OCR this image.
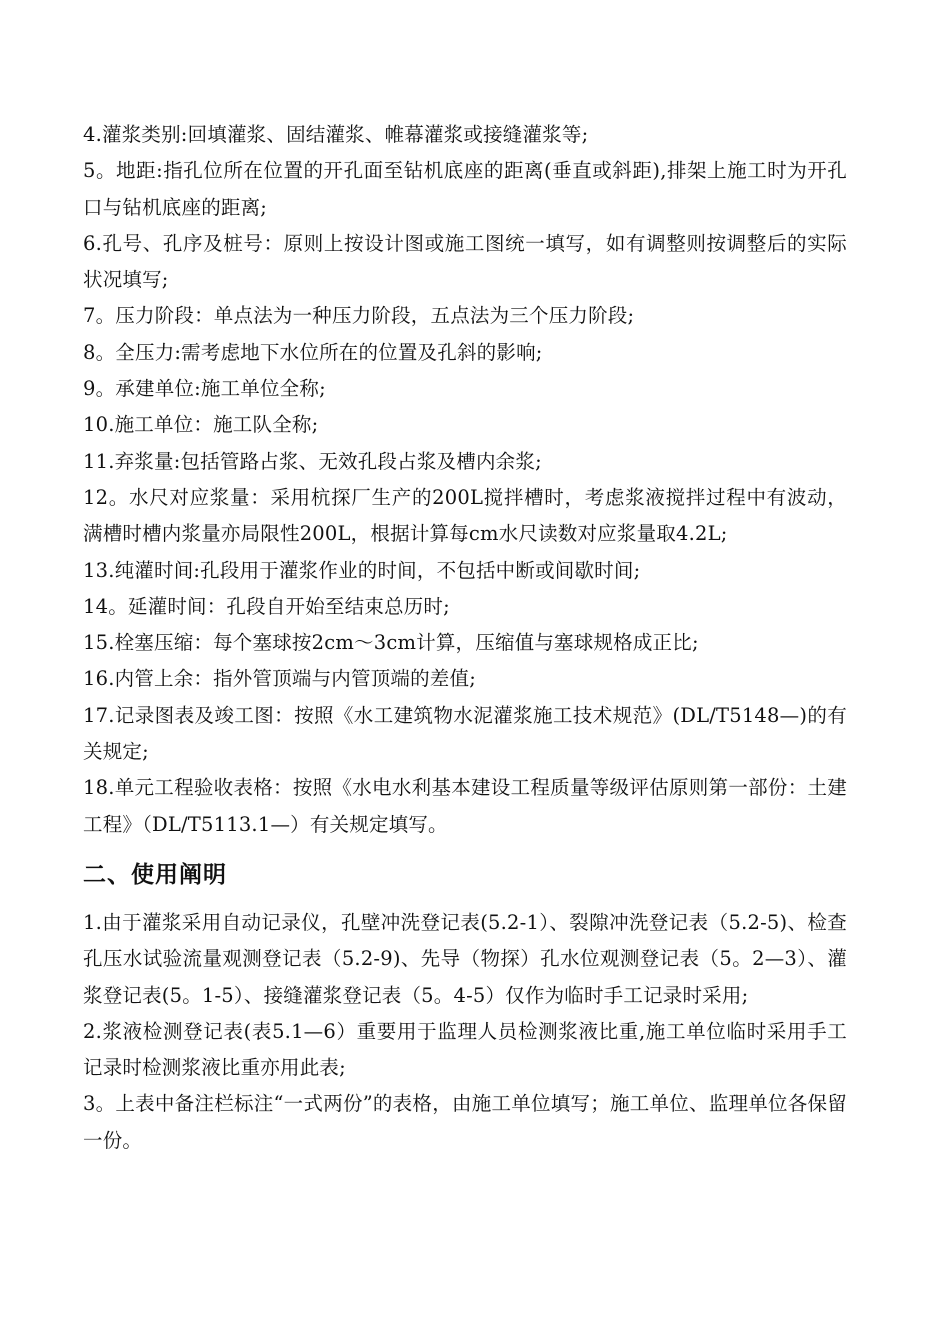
4.灌浆类别:回填灌浆、固结灌浆、帷幕灌浆或接缝灌浆等;

5。地距:指孔位所在位置的开孔面至钻机底座的距离(垂直或斜距),排架上施工时为开孔口与钻机底座的距离;

6.孔号、孔序及桩号：原则上按设计图或施工图统一填写，如有调整则按调整后的实际状况填写;

7。压力阶段：单点法为一种压力阶段，五点法为三个压力阶段;

8。全压力:需考虑地下水位所在的位置及孔斜的影响;

9。承建单位:施工单位全称;

10.施工单位：施工队全称;

11.弃浆量:包括管路占浆、无效孔段占浆及槽内余浆;

12。水尺对应浆量：采用杭探厂生产的200L搅拌槽时，考虑浆液搅拌过程中有波动，满槽时槽内浆量亦局限性200L，根据计算每cm水尺读数对应浆量取4.2L;

13.纯灌时间:孔段用于灌浆作业的时间，不包括中断或间歇时间;

14。延灌时间：孔段自开始至结束总历时;

15.栓塞压缩：每个塞球按2cm～3cm计算，压缩值与塞球规格成正比;

16.内管上余：指外管顶端与内管顶端的差值;

17.记录图表及竣工图：按照《水工建筑物水泥灌浆施工技术规范》(DL/T5148—)的有关规定;

18.单元工程验收表格：按照《水电水利基本建设工程质量等级评估原则第一部份：土建工程》（DL/T5113.1—）有关规定填写。

二、使用阐明

1.由于灌浆采用自动记录仪，孔壁冲洗登记表(5.2-1）、裂隙冲洗登记表（5.2-5)、检查孔压水试验流量观测登记表（5.2-9)、先导（物探）孔水位观测登记表（5。2—3）、灌浆登记表(5。1-5）、接缝灌浆登记表（5。4-5）仅作为临时手工记录时采用;

2.浆液检测登记表(表5.1—6）重要用于监理人员检测浆液比重,施工单位临时采用手工记录时检测浆液比重亦用此表;

3。上表中备注栏标注“一式两份”的表格，由施工单位填写；施工单位、监理单位各保留一份。
